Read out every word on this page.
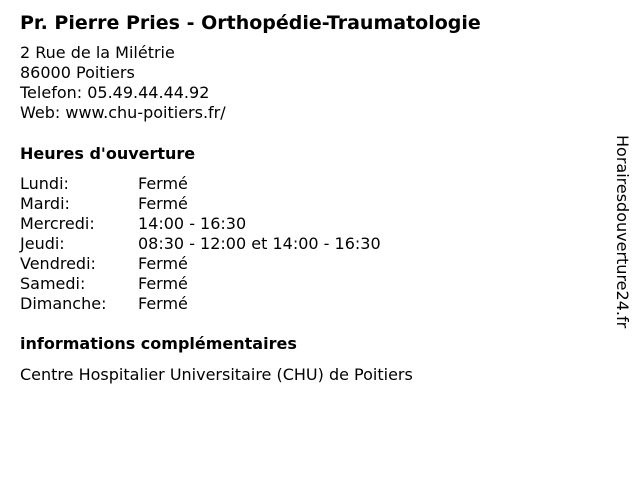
Pr. Pierre Pries - Orthopédie-Traumatologie
2 Rue de la Milétrie
86000 Poitiers
Telefon: 05.49.44.44.92
Web: www.chu-poitiers.fr/
Heures d'ouverture
Lundi:	Fermé
Mardi:	Fermé
Mercredi:	14:00 - 16:30
Jeudi:	08:30 - 12:00 et 14:00 - 16:30
Vendredi:	Fermé
Samedi:	Fermé
Dimanche: Fermé
informations complémentaires
Centre Hospitalier Universitaire (CHU) de Poitiers
Horairesdouverture24.fr
